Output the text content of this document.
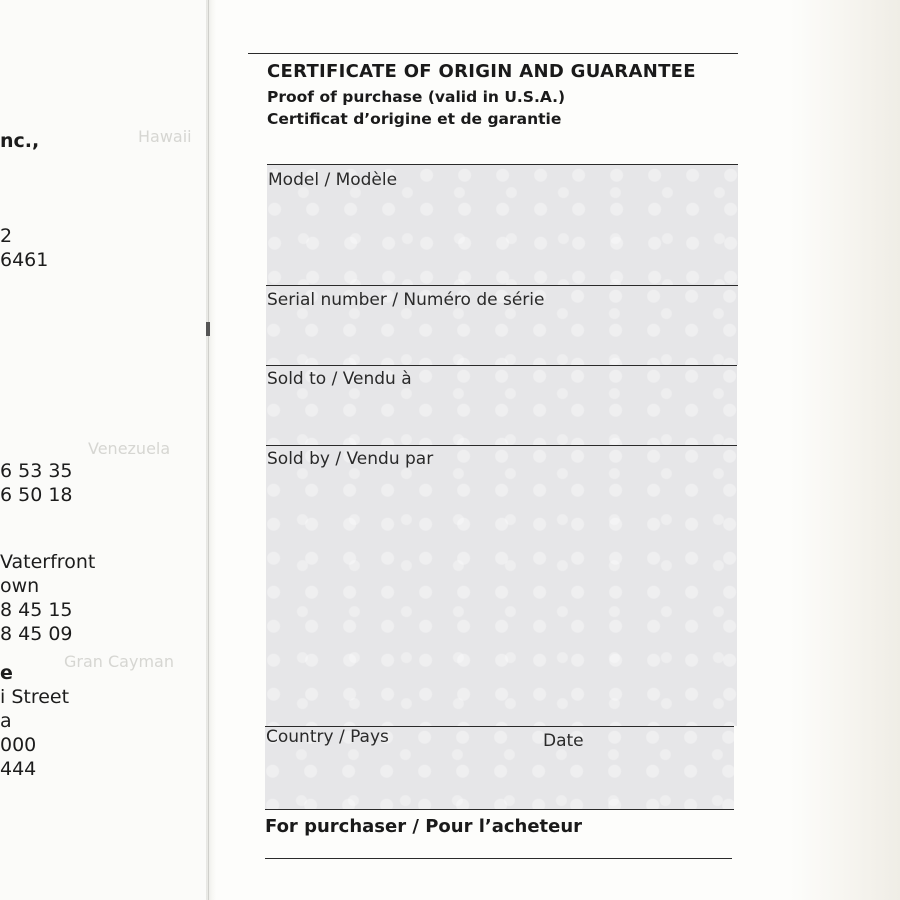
nc.,	Hawaii
2
6461
Venezuela
6 53 35
6 50 18
Vaterfront
own
8 45 15
8 45 09
Gran Cayman
e
i Street
a
000
444
CERTIFICATE OF ORIGIN AND GUARANTEE
Proof of purchase (valid in U.S.A.)
Certificat d’origine et de garantie
Model / Modèle
Serial number / Numéro de série
Sold to / Vendu à
Sold by / Vendu par
Country / Pays	Date
For purchaser / Pour l’acheteur
